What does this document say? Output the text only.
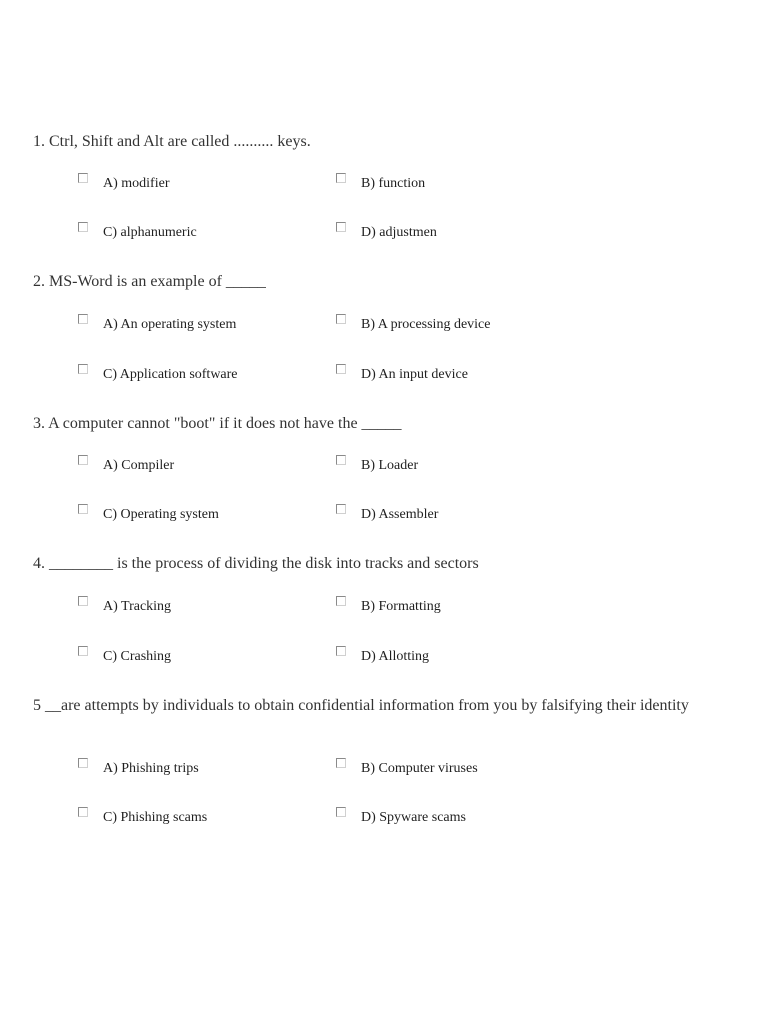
1. Ctrl, Shift and Alt are called .......... keys.

A) modifier	B) function
C) alphanumeric	D) adjustmen

2. MS-Word is an example of _____

A) An operating system	B) A processing device
C) Application software	D) An input device

3. A computer cannot "boot" if it does not have the _____

A) Compiler	B) Loader
C) Operating system	D) Assembler

4. ________ is the process of dividing the disk into tracks and sectors

A) Tracking	B) Formatting
C) Crashing	D) Allotting

5 __are attempts by individuals to obtain confidential information from you by falsifying their identity

A) Phishing trips	B) Computer viruses
C) Phishing scams	D) Spyware scams
